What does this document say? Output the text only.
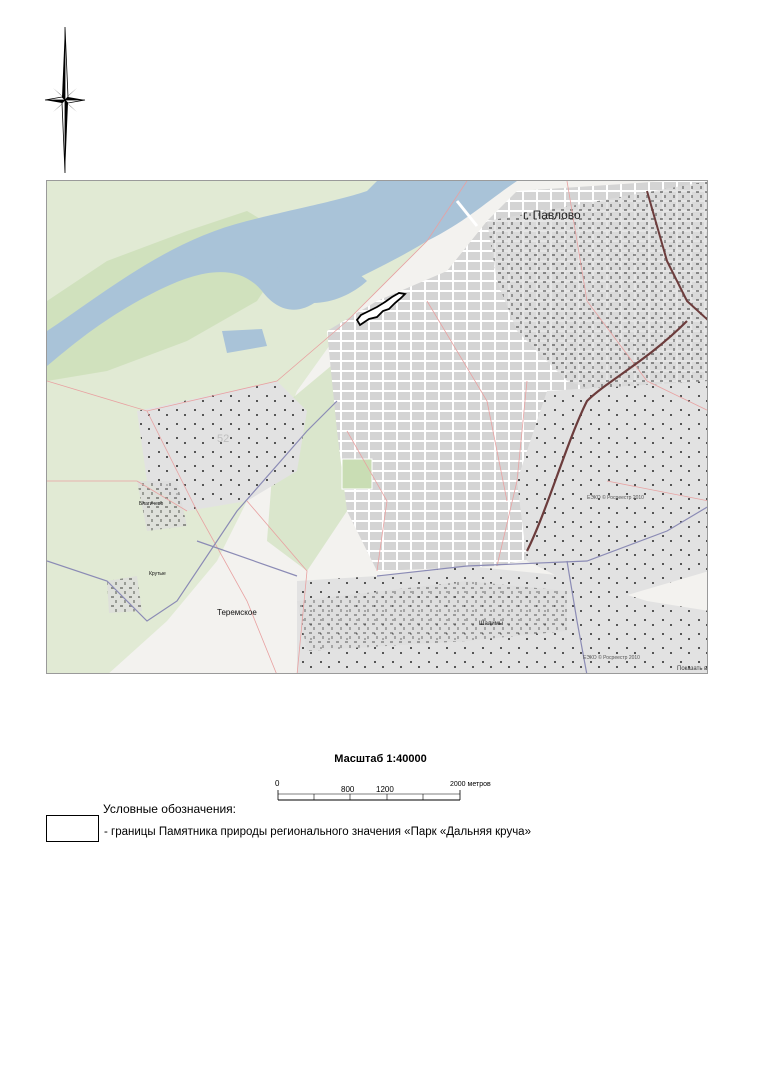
г. Павлово
Теремское
Благичево
Крутые
Шалимы
52
ЕЭКО © Росреестр 2010
ЕЭКО © Росреестр 2010
Показать в
Масштаб 1:40000
0
800	1200
2000 метров
Условные обозначения:
- границы Памятника природы регионального значения «Парк «Дальняя круча»
